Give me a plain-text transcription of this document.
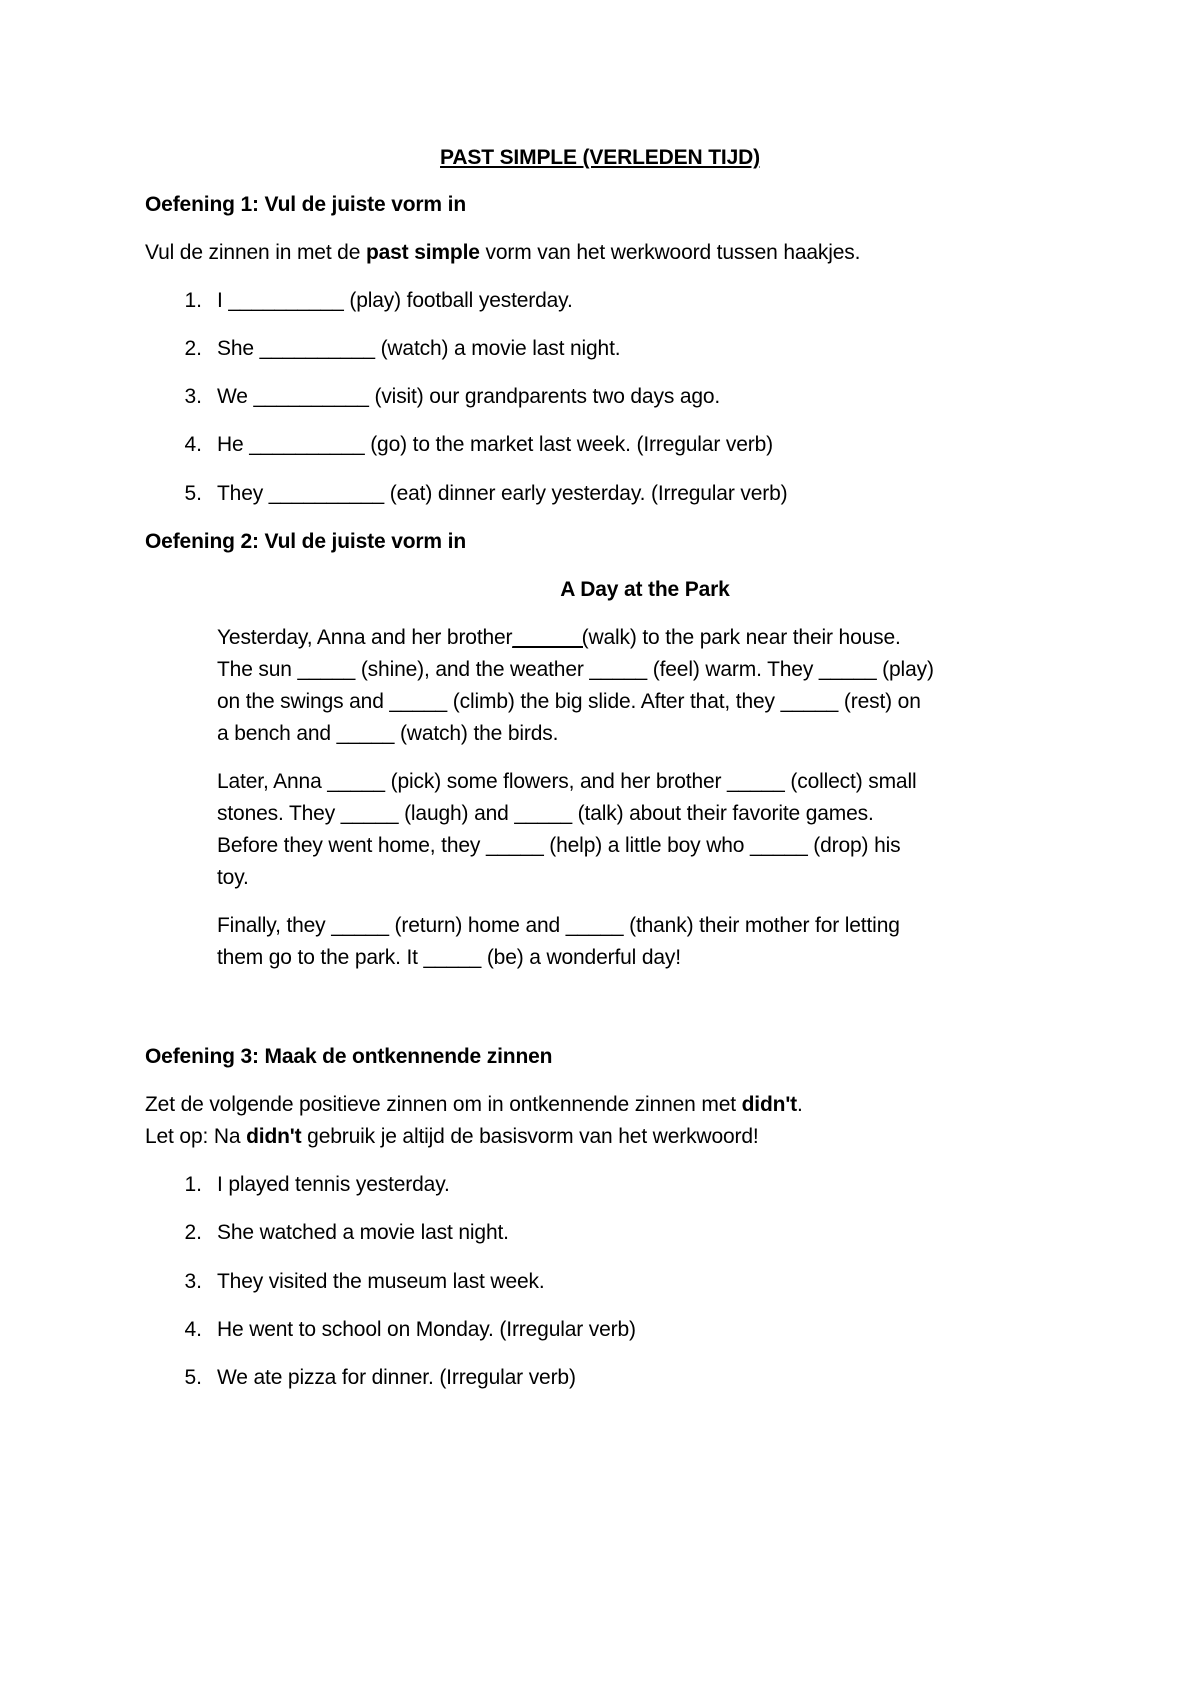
PAST SIMPLE (VERLEDEN TIJD)
Oefening 1: Vul de juiste vorm in
Vul de zinnen in met de past simple vorm van het werkwoord tussen haakjes.
1. I __________ (play) football yesterday.
2. She __________ (watch) a movie last night.
3. We __________ (visit) our grandparents two days ago.
4. He __________ (go) to the market last week. (Irregular verb)
5. They __________ (eat) dinner early yesterday. (Irregular verb)
Oefening 2: Vul de juiste vorm in
A Day at the Park
Yesterday, Anna and her brother______(walk) to the park near their house.
The sun _____ (shine), and the weather _____ (feel) warm. They _____ (play)
on the swings and _____ (climb) the big slide. After that, they _____ (rest) on
a bench and _____ (watch) the birds.
Later, Anna _____ (pick) some flowers, and her brother _____ (collect) small
stones. They _____ (laugh) and _____ (talk) about their favorite games.
Before they went home, they _____ (help) a little boy who _____ (drop) his
toy.
Finally, they _____ (return) home and _____ (thank) their mother for letting
them go to the park. It _____ (be) a wonderful day!
Oefening 3: Maak de ontkennende zinnen
Zet de volgende positieve zinnen om in ontkennende zinnen met didn't.
Let op: Na didn't gebruik je altijd de basisvorm van het werkwoord!
1. I played tennis yesterday.
2. She watched a movie last night.
3. They visited the museum last week.
4. He went to school on Monday. (Irregular verb)
5. We ate pizza for dinner. (Irregular verb)
